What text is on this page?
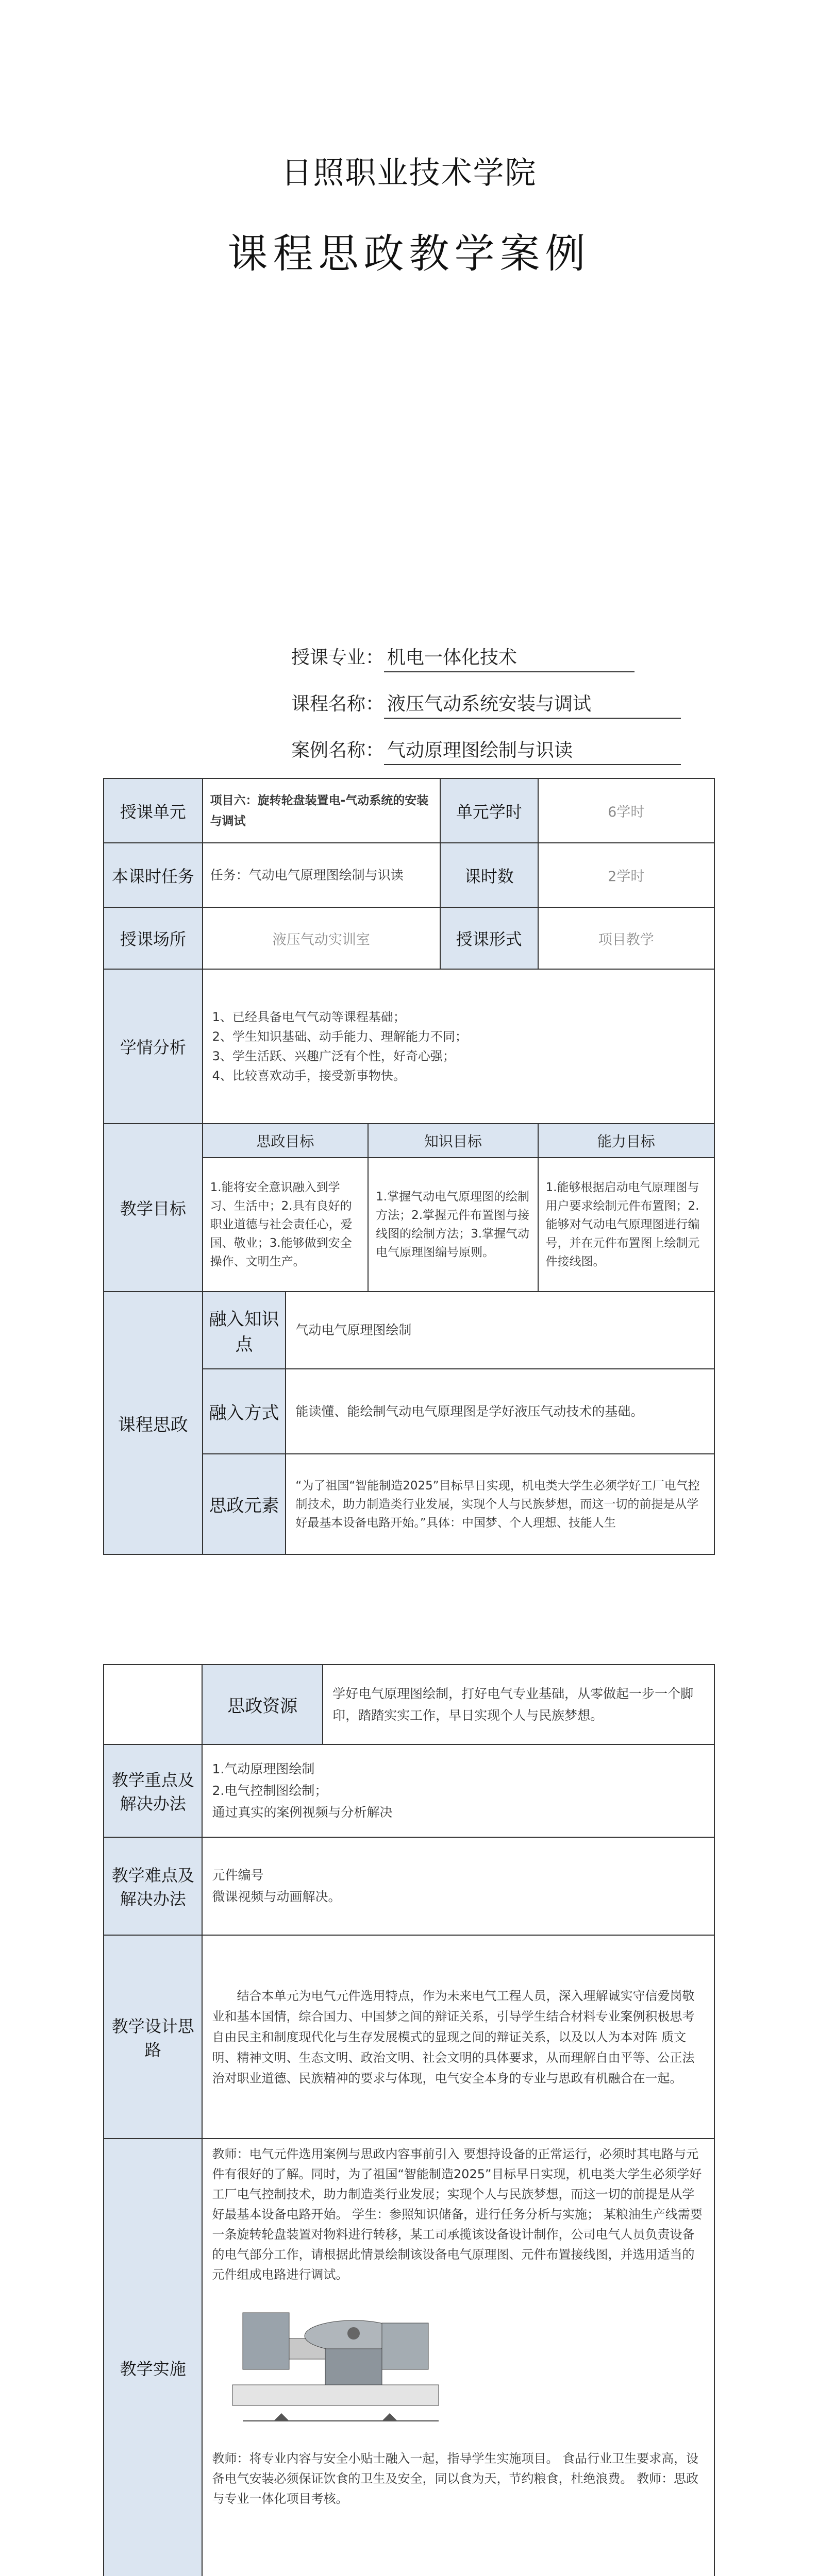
日照职业技术学院
课程思政教学案例
授课专业： 机电一体化技术
课程名称： 液压气动系统安装与调试
案例名称： 气动原理图绘制与识读
授课单元	项目六：旋转轮盘装置电-气动系统的安装与调试			单元学时	6学时
本课时任务	任务：气动电气原理图绘制与识读			课时数	2学时
授课场所	液压气动实训室			授课形式	项目教学
学情分析	1、已经具备电气气动等课程基础；
2、学生知识基础、动手能力、理解能力不同；
3、学生活跃、兴趣广泛有个性，好奇心强；
4、比较喜欢动手，接受新事物快。				

教学目标	思政目标		知识目标		能力目标
	1.能将安全意识融入到学习、生活中；2.具有良好的职业道德与社会责任心，爱国、敬业；3.能够做到安全操作、文明生产。		1.掌握气动电气原理图的绘制方法；2.掌握元件布置图与接线图的绘制方法；3.掌握气动电气原理图编号原则。		1.能够根据启动电气原理图与用户要求绘制元件布置图；2.能够对气动电气原理图进行编号，并在元件布置图上绘制元件接线图。
课程思政	融入知识点	气动电气原理图绘制			
	融入方式	能读懂、能绘制气动电气原理图是学好液压气动技术的基础。			
	思政元素	“为了祖国“智能制造2025”目标早日实现，机电类大学生必须学好工厂电气控制技术，助力制造类行业发展，实现个人与民族梦想，而这一切的前提是从学好最基本设备电路开始。”具体：中国梦、个人理想、技能人生			
	思政资源	学好电气原理图绘制，打好电气专业基础，从零做起一步一个脚印，踏踏实实工作，早日实现个人与民族梦想。
教学重点及解决办法	1.气动原理图绘制
2.电气控制图绘制；
通过真实的案例视频与分析解决	

教学难点及解决办法	元件编号
微课视频与动画解决。	

教学设计思路	结合本单元为电气元件选用特点，作为未来电气工程人员，深入理解诚实守信爱岗敬业和基本国情，综合国力、中国梦之间的辩证关系，引导学生结合材料专业案例积极思考自由民主和制度现代化与生存发展模式的显现之间的辩证关系，以及以人为本对阵 质文明、精神文明、生态文明、政治文明、社会文明的具体要求，从而理解自由平等、公正法治对职业道德、民族精神的要求与体现，电气安全本身的专业与思政有机融合在一起。	
教学实施	教师：电气元件选用案例与思政内容事前引入 要想持设备的正常运行，必须时其电路与元件有很好的了解。同时，为了祖国“智能制造2025”目标早日实现，机电类大学生必须学好工厂电气控制技术，助力制造类行业发展；实现个人与民族梦想，而这一切的前提是从学好最基本设备电路开始。 学生：参照知识储备，进行任务分析与实施； 某粮油生产线需要一条旋转轮盘装置对物料进行转移，某工司承揽该设备设计制作，公司电气人员负责设备的电气部分工作，请根据此情景绘制该设备电气原理图、元件布置接线图，并选用适当的元件组成电路进行调试。
教师：将专业内容与安全小贴士融入一起，指导学生实施项目。 食品行业卫生要求高，设备电气安装必须保证饮食的卫生及安全，同以食为天，节约粮食，杜绝浪费。 教师：思政与专业一体化项目考核。	
